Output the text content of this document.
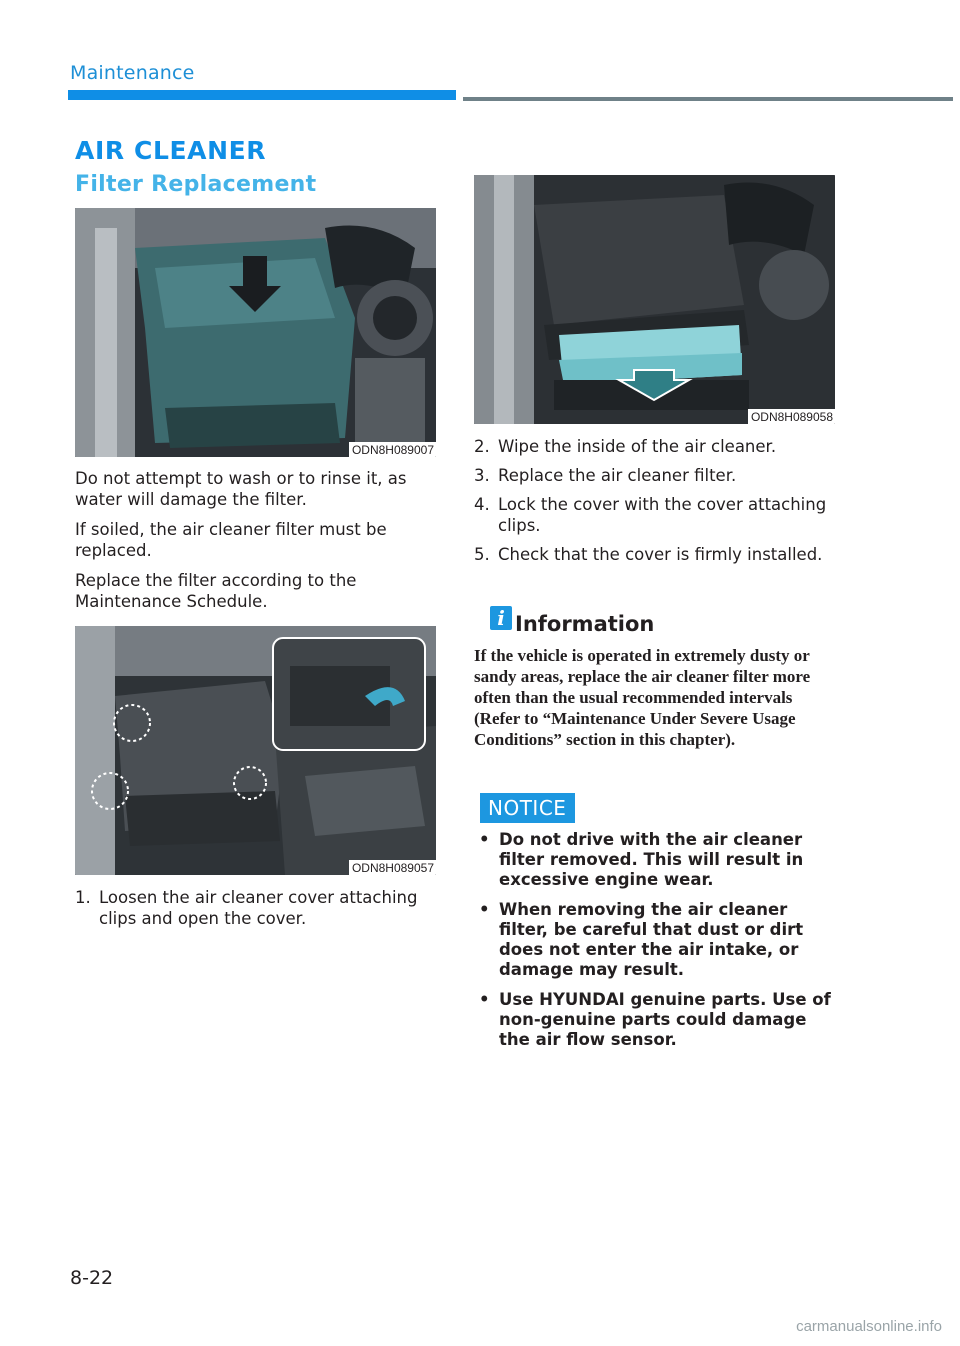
Maintenance
AIR CLEANER
Filter Replacement
ODN8H089007

Do not attempt to wash or to rinse it, as water will damage the filter.

If soiled, the air cleaner filter must be replaced.

Replace the filter according to the Maintenance Schedule.

ODN8H089057
1. Loosen the air cleaner cover attaching clips and open the cover.
ODN8H089058
2. Wipe the inside of the air cleaner.
3. Replace the air cleaner filter.
4. Lock the cover with the cover attaching clips.
5. Check that the cover is firmly installed.
i Information
If the vehicle is operated in extremely dusty or sandy areas, replace the air cleaner filter more often than the usual recommended intervals (Refer to “Maintenance Under Severe Usage Conditions” section in this chapter).
NOTICE
• Do not drive with the air cleaner filter removed. This will result in excessive engine wear.
• When removing the air cleaner filter, be careful that dust or dirt does not enter the air intake, or damage may result.
• Use HYUNDAI genuine parts. Use of non-genuine parts could damage the air flow sensor.
8-22
carmanualsonline.info
